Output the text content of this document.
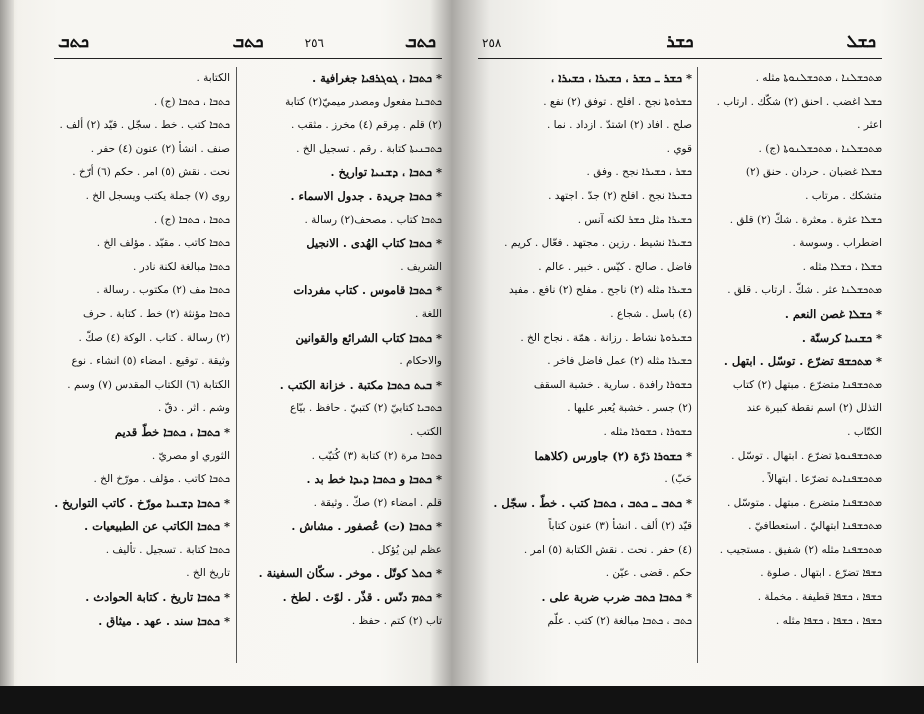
ܟܬܒ
٢٥٦
ܟܬܒ
ܟܬܒ
* ܟܬܒܐ ، ܓܘܓܪܦܝܐ جغرافية .
ܟܬܒܢܐ مفعول ومصدر ميميّ(٢) كتابة
(٢) قلم . مِرقم (٤) مخرز . مثقب .
ܟܬܒܢܝܬܐ كتابة . رقم . تسجيل الخ .
* ܟܬܒܐ ، ܕܫܢܝܐ تواريخ .
* ܟܬܒܐ جريدة . جدول الاسماء .
ܟܬܒܐ كتاب . مصحف(٢) رسالة .
* ܟܬܒܐ كتاب الهُدى . الانجيل
الشريف .
* ܟܬܒܐ قاموس . كتاب مفردات
اللغة .
* ܟܬܒܐ كتاب الشرائع والقوانين
والاحكام .
* ܒܝܬ ܟܬܒܐ مكتبة . خزانة الكتب .
ܟܬܒܝܐ كتابيّ (٢) كتبيّ . حافظ . بيّاع
الكتب .
ܟܬܒܐ مرة (٢) كتابة (٣) كُتيّب .
* ܟܬܒܐ و ܟܬܒܐ ܕܝܕܐ خط بد .
قلم . امضاء (٢) صكّ . وثيقة .
* ܟܬܒܐ (ت) عُصفور . مشاش .
عظم لين يُؤكل .
* ܟܬܠ كوتّل . موخر . سكّان السفينة .
* ܟܬܡ دنّس . قذّر . لوّث . لطخ .
تاب (٢) كتم . حفظ .
الكتابة .
ܟܬܒܐ ، ܟܬܒܐ (ج) .
ܟܬܒܐ كتب . خط . سجّل . قيّد (٢) ألف .
صنف . انشأ (٢) عنون (٤) حفر .
نحت . نقش (٥) امر . حكم (٦) أرّخ .
روى (٧) جملة يكتب ويسجل الخ .
ܟܬܒܐ ، ܟܬܒܐ (ج) .
ܟܬܒܐ كاتب . مقيّد . مؤلف الخ .
ܟܬܒܐ مبالغة لكنة نادر .
ܟܬܒܐ مف (٢) مكتوب . رسالة .
ܟܬܒܐ مؤنثة (٢) خط . كتابة . حرف
(٢) رسالة . كتاب . الوكة (٤) صكّ .
وثيقة . توقيع . امضاء (٥) انشاء . نوع
الكتابة (٦) الكتاب المقدس (٧) وسم .
وشم . اثر . دقّ .
* ܟܬܒܐ ، ܟܬܒܐ خطّ قديم
الثوري او مصريّ .
ܟܬܒܐ كاتب . مؤلف . مورّخ الخ .
* ܟܬܒܐ ܕܫܢܝܐ مورّخ . كاتب التواريخ .
* ܟܬܒܐ الكاتب عن الطبيعيات .
ܟܬܒܐ كتابة . تسجيل . تأليف .
تاريخ الخ .
* ܟܬܒܐ تاريخ . كتابة الحوادث .
* ܟܬܒܐ سند . عهد . ميثاق .
ܟܫܠ
ܟܫܪ
٢٥٨
ܡܬܟܫܠܢܐ ، ܡܬܟܫܠܢܘܬܐ مثله .
ܟܫܠ اغضب . احنق (٢) شكّك . ارتاب .
اعثر .
ܡܬܟܫܠܢܐ ، ܡܬܟܫܠܢܘܬܐ (ج) .
ܟܫܠܐ غضبان . حردان . حنق (٢)
متشكك . مرتاب .
ܟܫܠܐ عثرة . معثرة . شكّ (٢) قلق .
اضطراب . وسوسة .
ܟܫܠܐ ، ܟܫܠܐ مثله .
ܡܬܟܫܠܢܐ عثر . شكّ . ارتاب . قلق .
* ܟܫܠܐ غصن النعم .
* ܟܫܢܝܐ كرسنّة .
* ܡܬܟܫܦ تضرّع . توسّل . ابتهل .
ܡܬܟܫܦܢܐ متضرّع . مبتهل (٢) كتاب
التذلل (٢) اسم نقطة كبيرة عند
الكتّاب .
ܡܬܟܫܦܢܘܬܐ تضرّع . ابتهال . توسّل .
ܡܬܟܫܦܢܐܝܬ تضرّعا . ابتهالاً .
ܡܬܟܫܦܢܐ متضرع . مبتهل . متوسّل .
ܡܬܟܫܦܢܐ ابتهاليّ . استعطافيّ .
ܡܬܟܫܦܢܐ مثله (٢) شفيق . مستجيب .
ܟܫܦܐ تضرّع . ابتهال . صلوة .
ܟܫܦܐ ، ܟܫܦܐ قطيفة . مخملة .
ܟܫܦܐ ، ܟܫܦܐ ، ܟܫܦܐ مثله .
* ܟܫܪ ـ ܟܫܪ ، ܟܫܝܪܐ ، ܟܫܝܪܐ ،
ܟܫܪܘܬܐ نجح . افلح . توفق (٢) نفع .
صلح . افاد (٢) اشتدّ . ازداد . نما .
قوي .
ܟܫܪ ، ܟܫܝܪܐ نجح . وفق .
ܟܫܝܪܐ نجح . افلح (٢) جدّ . اجتهد .
ܟܫܝܪܐ مثل ܟܫܪ لكنه آنس .
ܟܫܝܪܐ نشيط . رزين . مجتهد . فعّال . كريم .
فاضل . صالح . كيّس . خبير . عالم .
ܟܫܝܪܐ مثله (٢) ناجح . مفلح (٢) نافع . مفيد
(٤) باسل . شجاع .
ܟܫܝܪܘܬܐ نشاط . رزانة . همّة . نجاح الخ .
ܟܫܝܪܐ مثله (٢) عمل فاضل فاخر .
ܟܫܘܪܐ رافدة . سارية . خشبة السقف
(٢) جسر . خشبة يُعبر عليها .
ܟܫܘܪܐ ، ܟܫܘܪܐ مثله .
* ܟܫܘܪܐ ذرّة (٢) جاورس (كلاهما
حَبّ) .
* ܟܬܒ ـ ܟܬܒ ، ܟܬܒܐ كتب . خطّ . سجّل .
قيّد (٢) ألف . انشأ (٣) عنون كتاباً
(٤) حفر . نحت . نقش الكتابة (٥) امر .
حكم . قضى . عيّن .
* ܟܬܒܐ ܟܬܒ ضرب ضربة على .
ܟܬܒ ، ܟܬܒܐ مبالغة (٢) كتب . علّم
